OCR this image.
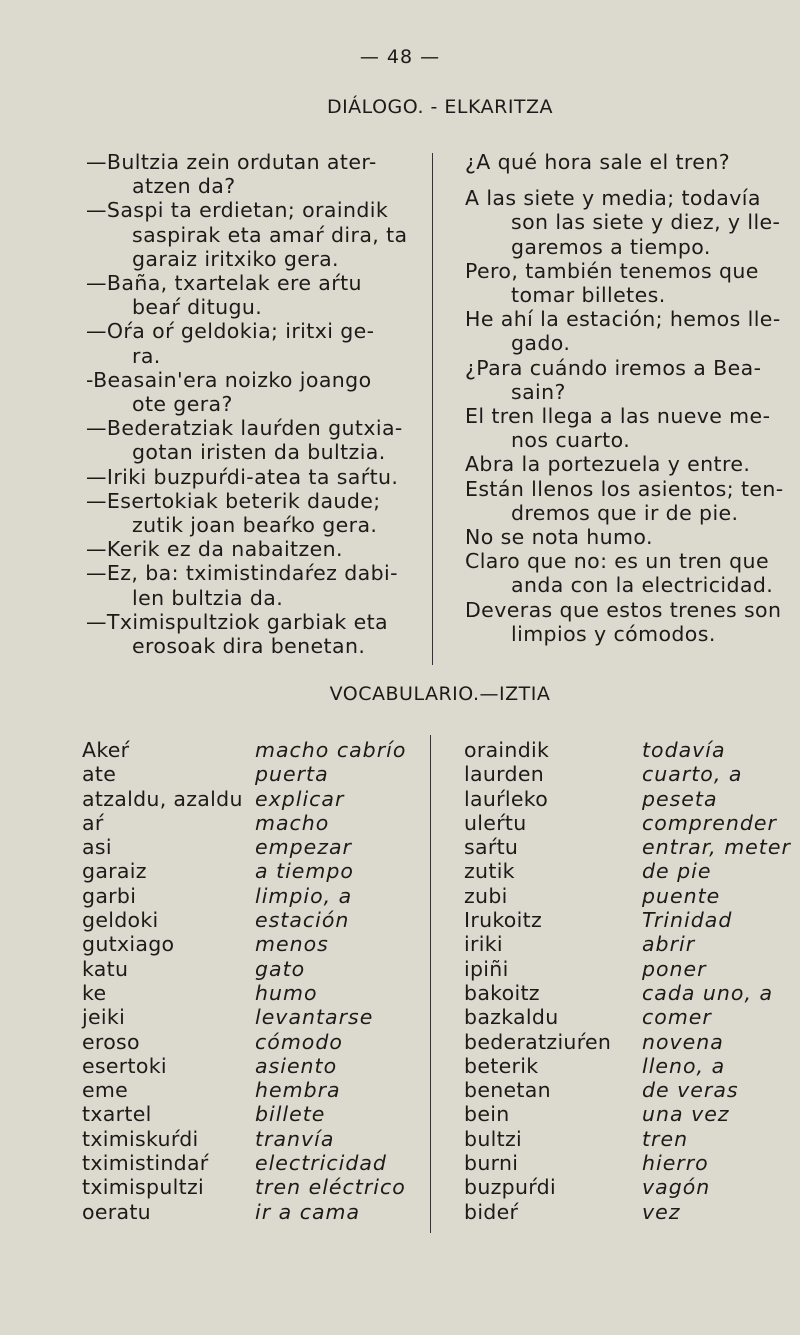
— 48 —
DIÁLOGO. - ELKARITZA
—Bultzia zein ordutan ater-
atzen da?
—Saspi ta erdietan; oraindik
saspirak eta amaŕ dira, ta
garaiz iritxiko gera.
—Baña, txartelak ere aŕtu
beaŕ ditugu.
—Oŕa oŕ geldokia; iritxi ge-
ra.
-Beasain'era noizko joango
ote gera?
—Bederatziak lauŕden gutxia-
gotan iristen da bultzia.
—Iriki buzpuŕdi-atea ta saŕtu.
—Esertokiak beterik daude;
zutik joan beaŕko gera.
—Kerik ez da nabaitzen.
—Ez, ba: tximistindaŕez dabi-
len bultzia da.
—Tximispultziok garbiak eta
erosoak dira benetan.
¿A qué hora sale el tren?
A las siete y media; todavía
son las siete y diez, y lle-
garemos a tiempo.
Pero, también tenemos que
tomar billetes.
He ahí la estación; hemos lle-
gado.
¿Para cuándo iremos a Bea-
sain?
El tren llega a las nueve me-
nos cuarto.
Abra la portezuela y entre.
Están llenos los asientos; ten-
dremos que ir de pie.
No se nota humo.
Claro que no: es un tren que
anda con la electricidad.
Deveras que estos trenes son
limpios y cómodos.
VOCABULARIO.—IZTIA
Akeŕ
ate
atzaldu, azaldu
aŕ
asi
garaiz
garbi
geldoki
gutxiago
katu
ke
jeiki
eroso
esertoki
eme
txartel
tximiskuŕdi
tximistindaŕ
tximispultzi
oeratu
macho cabrío
puerta
explicar
macho
empezar
a tiempo
limpio, a
estación
menos
gato
humo
levantarse
cómodo
asiento
hembra
billete
tranvía
electricidad
tren eléctrico
ir a cama
oraindik
laurden
lauŕleko
uleŕtu
saŕtu
zutik
zubi
Irukoitz
iriki
ipiñi
bakoitz
bazkaldu
bederatziuŕen
beterik
benetan
bein
bultzi
burni
buzpuŕdi
bideŕ
todavía
cuarto, a
peseta
comprender
entrar, meter
de pie
puente
Trinidad
abrir
poner
cada uno, a
comer
novena
lleno, a
de veras
una vez
tren
hierro
vagón
vez
